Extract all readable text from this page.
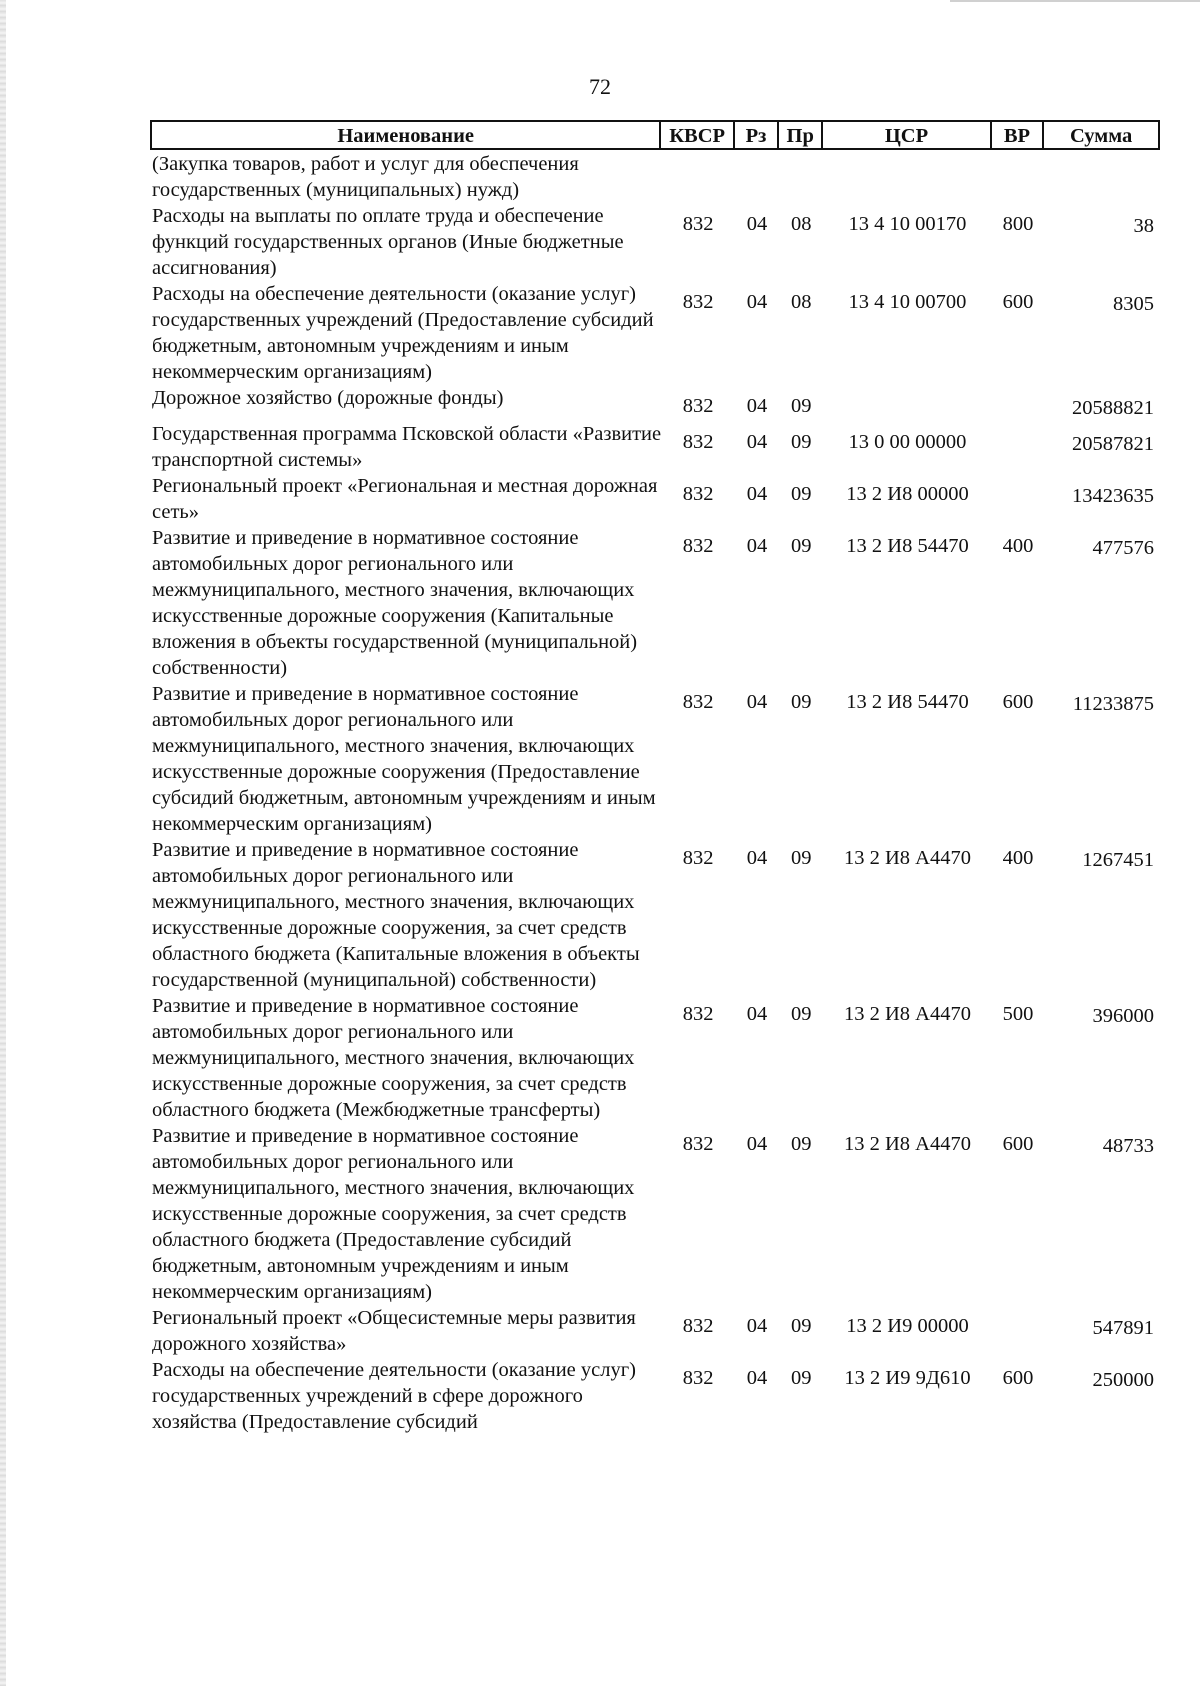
72
Наименование	КВСР	Рз	Пр	ЦСР	ВР	Сумма
(Закупка товаров, работ и услуг для обеспечения государственных (муниципальных) нужд)						
Расходы на выплаты по оплате труда и обеспечение функций государственных органов (Иные бюджетные ассигнования)	832	04	08	13 4 10 00170	800	38
Расходы на обеспечение деятельности (оказание услуг) государственных учреждений (Предоставление субсидий бюджетным, автономным учреждениям и иным некоммерческим организациям)	832	04	08	13 4 10 00700	600	8305
Дорожное хозяйство (дорожные фонды)	832	04	09			20588821
Государственная программа Псковской области «Развитие транспортной системы»	832	04	09	13 0 00 00000		20587821
Региональный проект «Региональная и местная дорожная сеть»	832	04	09	13 2 И8 00000		13423635
Развитие и приведение в нормативное состояние автомобильных дорог регионального или межмуниципального, местного значения, включающих искусственные дорожные сооружения (Капитальные вложения в объекты государственной (муниципальной) собственности)	832	04	09	13 2 И8 54470	400	477576
Развитие и приведение в нормативное состояние автомобильных дорог регионального или межмуниципального, местного значения, включающих искусственные дорожные сооружения (Предоставление субсидий бюджетным, автономным учреждениям и иным некоммерческим организациям)	832	04	09	13 2 И8 54470	600	11233875
Развитие и приведение в нормативное состояние автомобильных дорог регионального или межмуниципального, местного значения, включающих искусственные дорожные сооружения, за счет средств областного бюджета (Капитальные вложения в объекты государственной (муниципальной) собственности)	832	04	09	13 2 И8 А4470	400	1267451
Развитие и приведение в нормативное состояние автомобильных дорог регионального или межмуниципального, местного значения, включающих искусственные дорожные сооружения, за счет средств областного бюджета (Межбюджетные трансферты)	832	04	09	13 2 И8 А4470	500	396000
Развитие и приведение в нормативное состояние автомобильных дорог регионального или межмуниципального, местного значения, включающих искусственные дорожные сооружения, за счет средств областного бюджета (Предоставление субсидий бюджетным, автономным учреждениям и иным некоммерческим организациям)	832	04	09	13 2 И8 А4470	600	48733
Региональный проект «Общесистемные меры развития дорожного хозяйства»	832	04	09	13 2 И9 00000		547891
Расходы на обеспечение деятельности (оказание услуг) государственных учреждений в сфере дорожного хозяйства (Предоставление субсидий	832	04	09	13 2 И9 9Д610	600	250000
